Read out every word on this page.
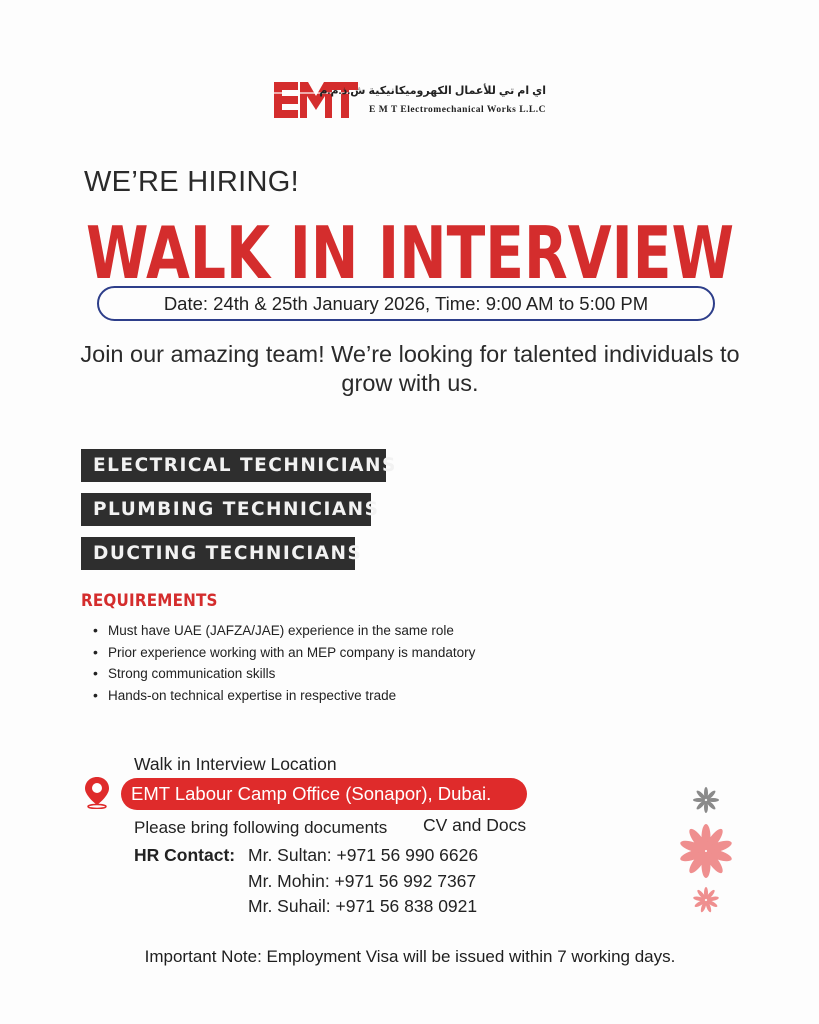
اي ام تي للأعمال الكهروميكانيكية ش.ذ.م.م
E M T Electromechanical Works L.L.C
WE’RE HIRING!
WALK IN INTERVIEW
Date: 24th & 25th January 2026, Time: 9:00 AM to 5:00 PM
Join our amazing team! We’re looking for talented individuals to grow with us.
ELECTRICAL TECHNICIANS
PLUMBING TECHNICIANS
DUCTING TECHNICIANS
REQUIREMENTS
• Must have UAE (JAFZA/JAE) experience in the same role
• Prior experience working with an MEP company is mandatory
• Strong communication skills
• Hands-on technical expertise in respective trade
Walk in Interview Location
EMT Labour Camp Office (Sonapor), Dubai.
Please bring following documents CV and Docs
HR Contact: Mr. Sultan: +971 56 990 6626
Mr. Mohin: +971 56 992 7367
Mr. Suhail: +971 56 838 0921
Important Note: Employment Visa will be issued within 7 working days.
